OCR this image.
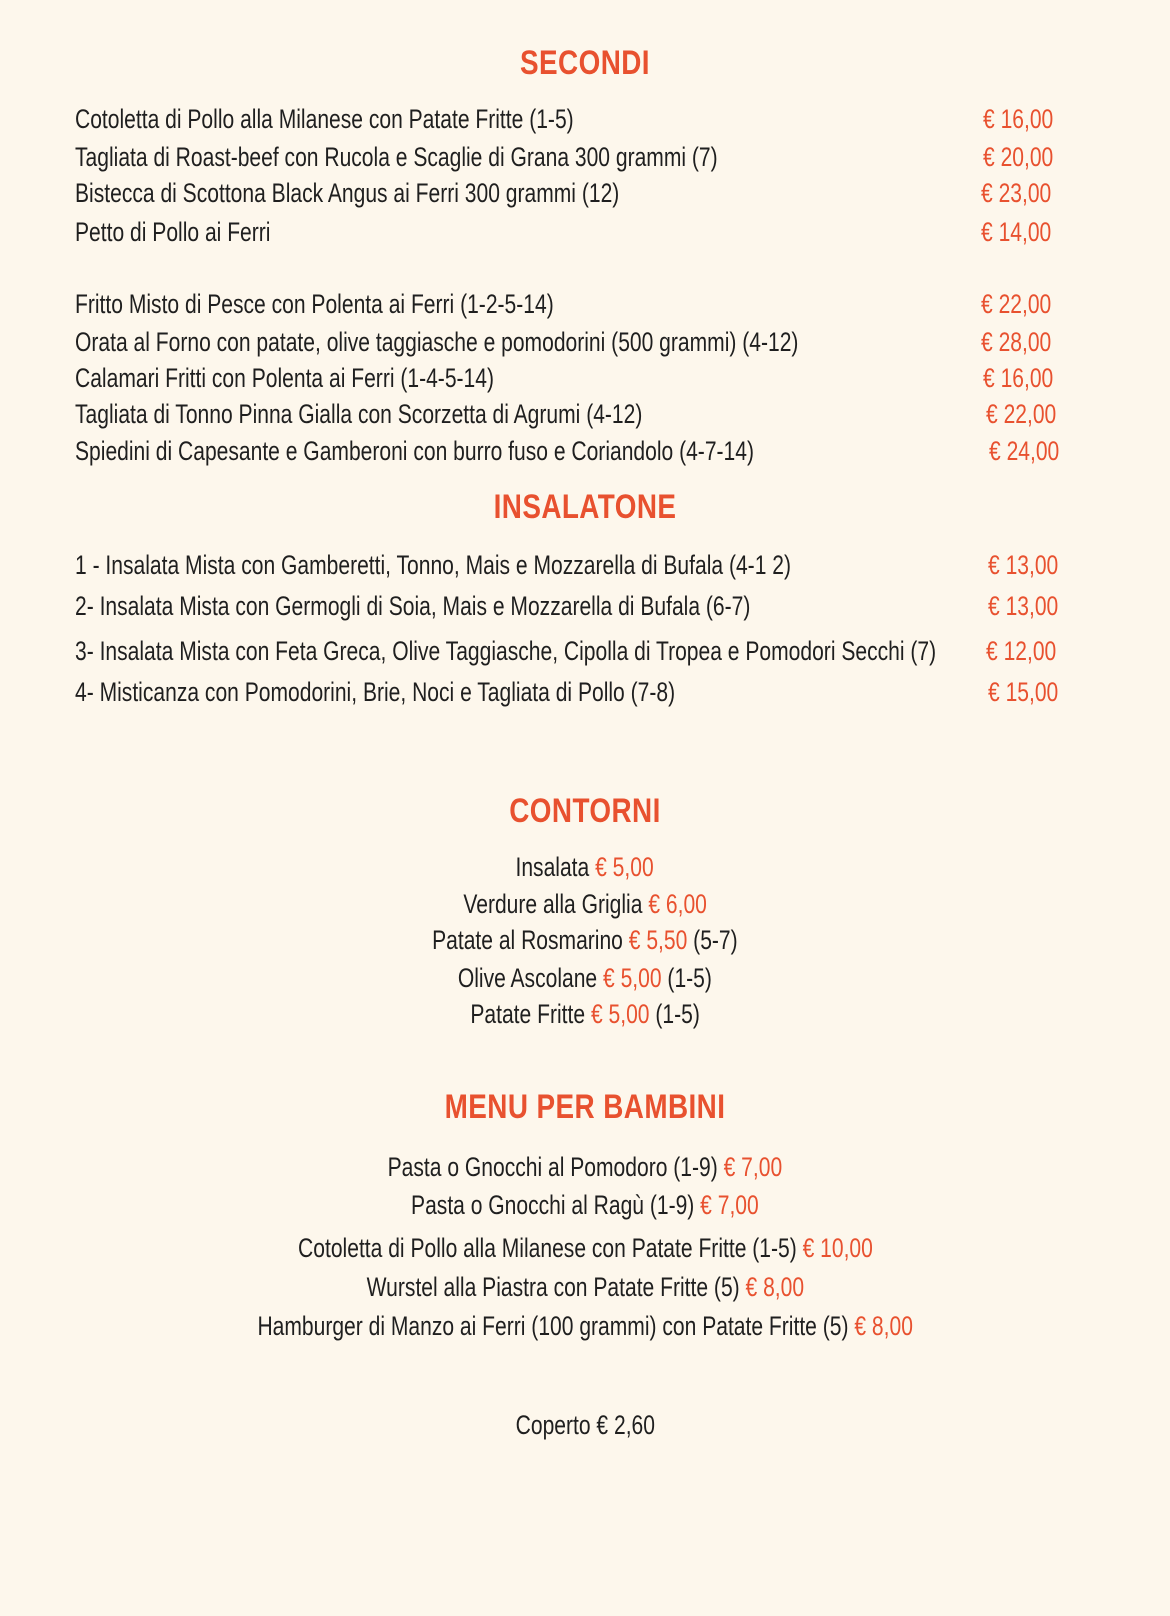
SECONDI
Cotoletta di Pollo alla Milanese con Patate Fritte (1-5)	€ 16,00
Tagliata di Roast-beef con Rucola e Scaglie di Grana 300 grammi (7)	€ 20,00
Bistecca di Scottona Black Angus ai Ferri 300 grammi (12)	€ 23,00
Petto di Pollo ai Ferri	€ 14,00
Fritto Misto di Pesce con Polenta ai Ferri (1-2-5-14)	€ 22,00
Orata al Forno con patate, olive taggiasche e pomodorini (500 grammi) (4-12)	€ 28,00
Calamari Fritti con Polenta ai Ferri (1-4-5-14)	€ 16,00
Tagliata di Tonno Pinna Gialla con Scorzetta di Agrumi (4-12)	€ 22,00
Spiedini di Capesante e Gamberoni con burro fuso e Coriandolo (4-7-14)	€ 24,00
INSALATONE
1 - Insalata Mista con Gamberetti, Tonno, Mais e Mozzarella di Bufala (4-1 2)	€ 13,00
2- Insalata Mista con Germogli di Soia, Mais e Mozzarella di Bufala (6-7)	€ 13,00
3- Insalata Mista con Feta Greca, Olive Taggiasche, Cipolla di Tropea e Pomodori Secchi (7) € 12,00
4- Misticanza con Pomodorini, Brie, Noci e Tagliata di Pollo (7-8)	€ 15,00
CONTORNI
Insalata € 5,00
Verdure alla Griglia € 6,00
Patate al Rosmarino € 5,50 (5-7)
Olive Ascolane € 5,00 (1-5)
Patate Fritte € 5,00 (1-5)
MENU PER BAMBINI
Pasta o Gnocchi al Pomodoro (1-9) € 7,00
Pasta o Gnocchi al Ragù (1-9) € 7,00
Cotoletta di Pollo alla Milanese con Patate Fritte (1-5) € 10,00
Wurstel alla Piastra con Patate Fritte (5) € 8,00
Hamburger di Manzo ai Ferri (100 grammi) con Patate Fritte (5) € 8,00
Coperto € 2,60
